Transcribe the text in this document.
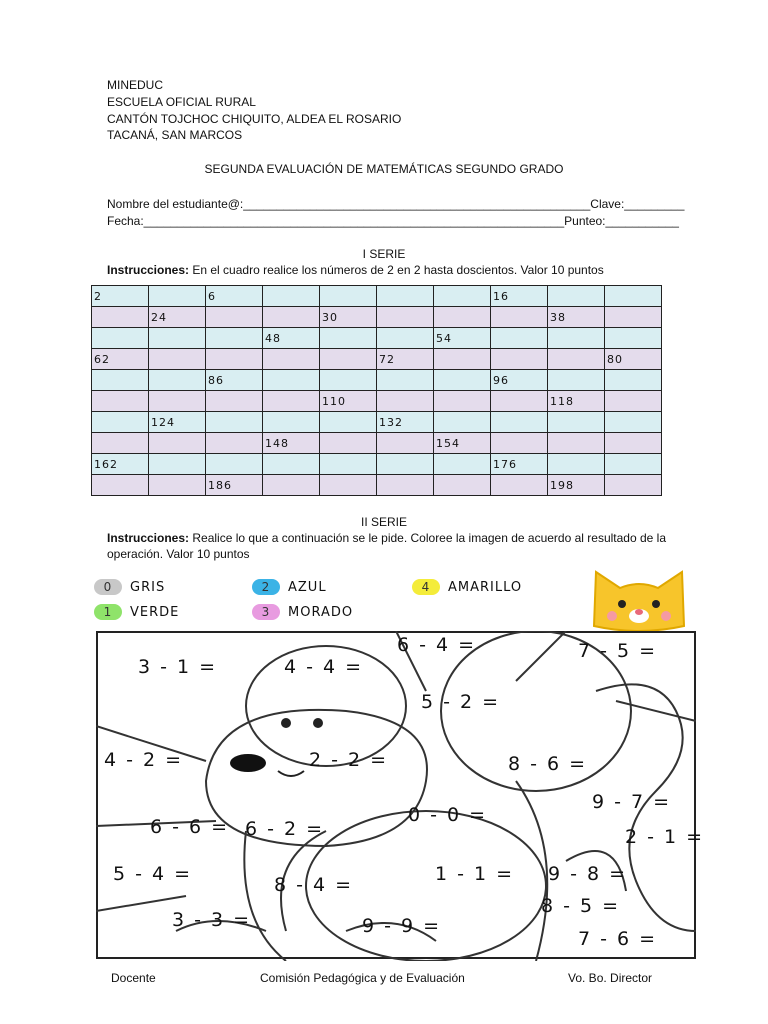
MINEDUC
ESCUELA OFICIAL RURAL
CANTÓN TOJCHOC CHIQUITO, ALDEA EL ROSARIO
TACANÁ, SAN MARCOS
SEGUNDA EVALUACIÓN DE MATEMÁTICAS SEGUNDO GRADO
Nombre del estudiante@:____________________________________________________Clave:_________
Fecha:_______________________________________________________________Punteo:___________
I SERIE
Instrucciones: En el cuadro realice los números de 2 en 2 hasta doscientos. Valor 10 puntos
2		6					16		
	24			30				38	
			48			54			
62					72				80
		86					96		
				110				118	
	124				132				
			148			154			
162							176		
		186						198	
II SERIE
Instrucciones: Realice lo que a continuación se le pide. Coloree la imagen de acuerdo al resultado de la operación. Valor 10 puntos
0	GRIS	2	AZUL	4	AMARILLO
1	VERDE	3	MORADO
3 - 1 =	4 - 4 =
6 - 4 =	7 - 5 =
5 - 2 =
4 - 2 =	2 - 2 =	8 - 6 =
9 - 7 =
6 - 6 = 6 - 2 =
0 - 0 =
2 - 1 =
5 - 4 =	8 - 4 =	1 - 1 = 9 - 8 =
8 - 5 =
3 - 3 =	9 - 9 =
7 - 6 =
Docente	Comisión Pedagógica y de Evaluación	Vo. Bo. Director
